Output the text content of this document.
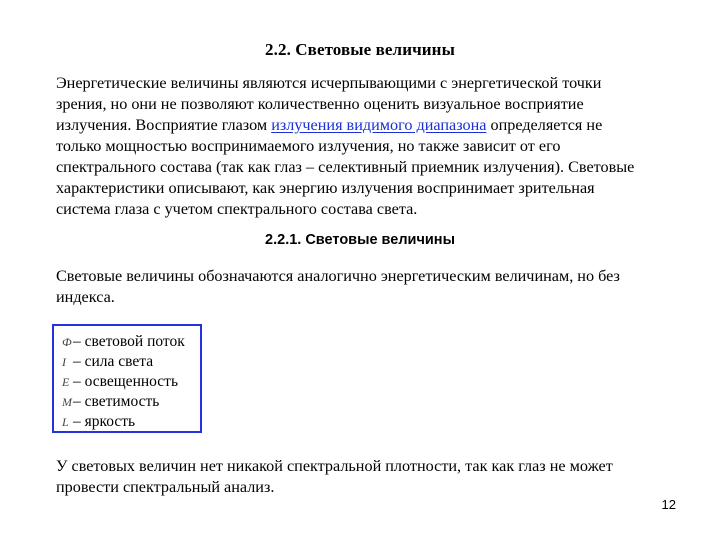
2.2. Световые величины

Энергетические величины являются исчерпывающими с энергетической точки
зрения, но они не позволяют количественно оценить визуальное восприятие
излучения. Восприятие глазом излучения видимого диапазона определяется не
только мощностью воспринимаемого излучения, но также зависит от его
спектрального состава (так как глаз – селективный приемник излучения). Световые
характеристики описывают, как энергию излучения воспринимает зрительная
система глаза с учетом спектрального состава света.

2.2.1. Световые величины

Световые величины обозначаются аналогично энергетическим величинам, но без
индекса.

Ф– световой поток
I – сила света
E – освещенность
M– светимость
L – яркость

У световых величин нет никакой спектральной плотности, так как глаз не может
провести спектральный анализ.

12
